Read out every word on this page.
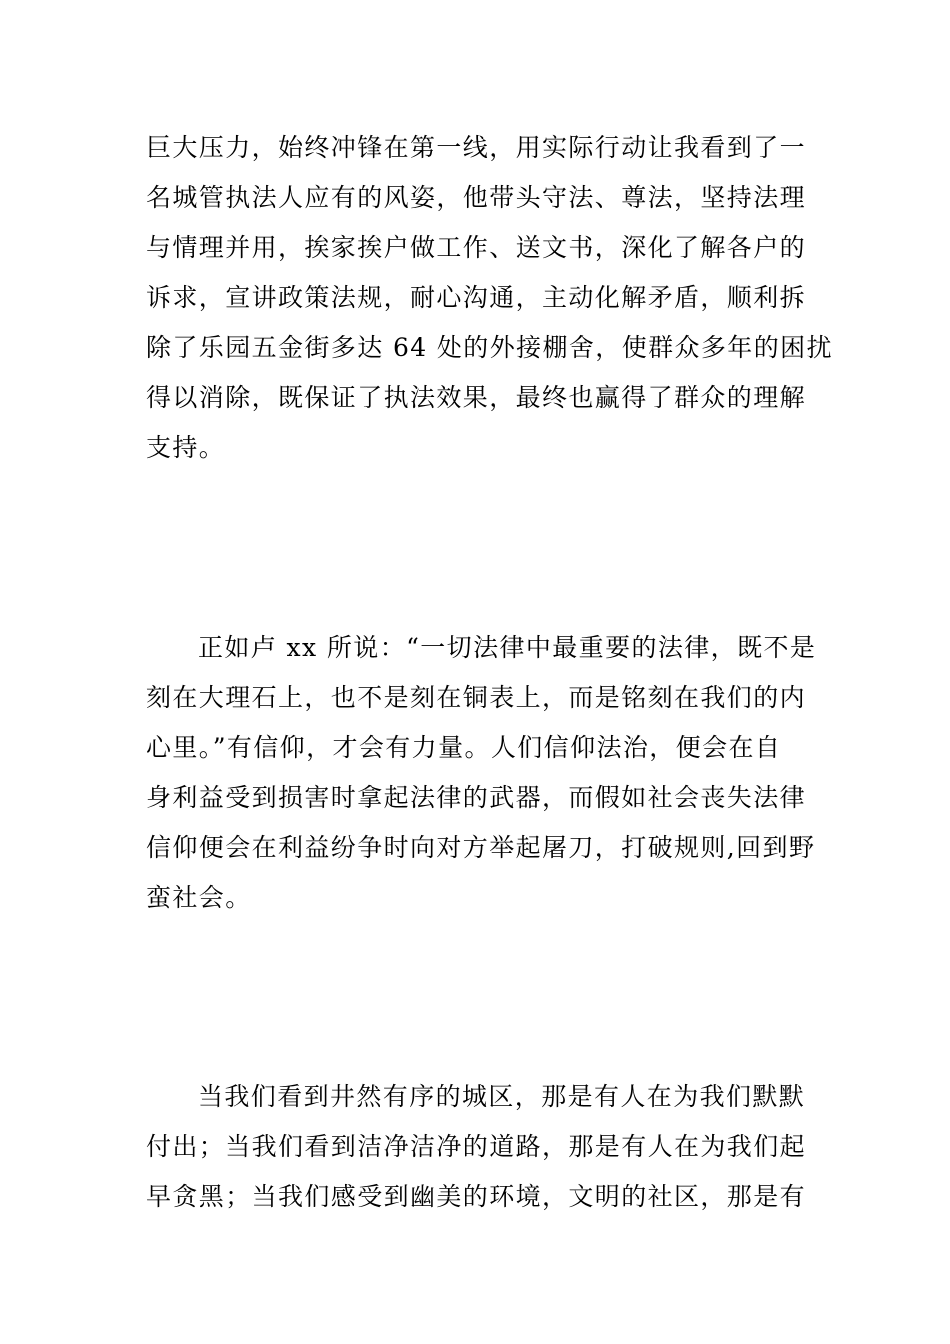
巨大压力，始终冲锋在第一线，用实际行动让我看到了一
名城管执法人应有的风姿，他带头守法、尊法，坚持法理
与情理并用，挨家挨户做工作、送文书，深化了解各户的
诉求，宣讲政策法规，耐心沟通，主动化解矛盾，顺利拆
除了乐园五金街多达 64 处的外接棚舍，使群众多年的困扰
得以消除，既保证了执法效果，最终也赢得了群众的理解
支持。
正如卢 xx 所说：“一切法律中最重要的法律，既不是
刻在大理石上，也不是刻在铜表上，而是铭刻在我们的内
心里。”有信仰，才会有力量。人们信仰法治，便会在自
身利益受到损害时拿起法律的武器，而假如社会丧失法律
信仰便会在利益纷争时向对方举起屠刀，打破规则,回到野
蛮社会。
当我们看到井然有序的城区，那是有人在为我们默默
付出；当我们看到洁净洁净的道路，那是有人在为我们起
早贪黑；当我们感受到幽美的环境，文明的社区，那是有
